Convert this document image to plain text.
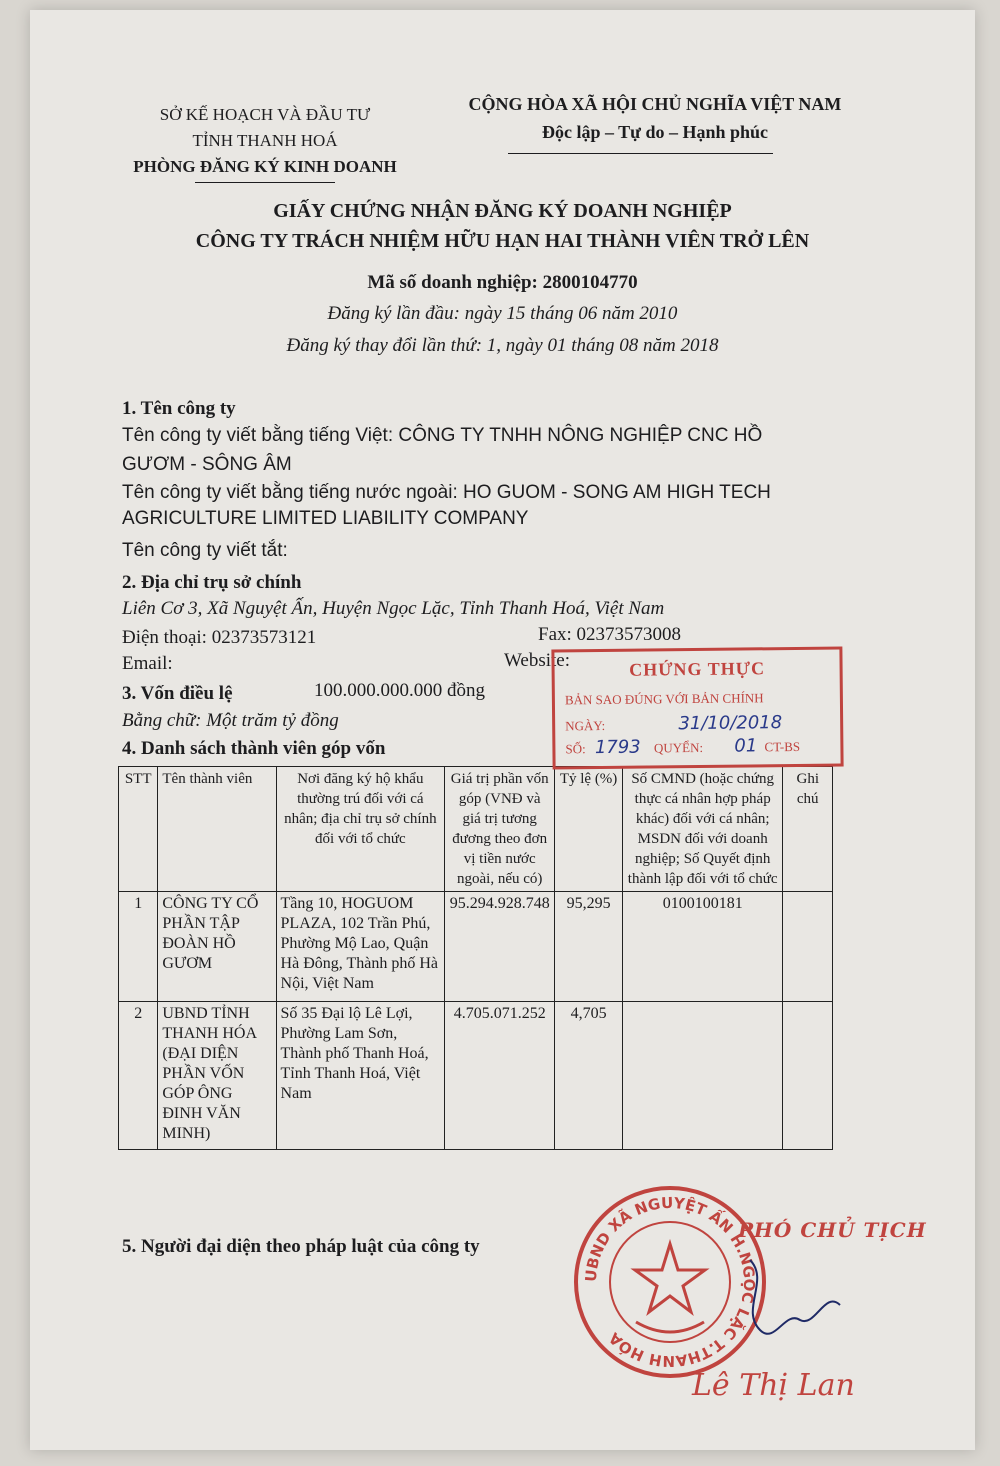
SỞ KẾ HOẠCH VÀ ĐẦU TƯ
TỈNH THANH HOÁ
PHÒNG ĐĂNG KÝ KINH DOANH
CỘNG HÒA XÃ HỘI CHỦ NGHĨA VIỆT NAM
Độc lập – Tự do – Hạnh phúc
GIẤY CHỨNG NHẬN ĐĂNG KÝ DOANH NGHIỆP
CÔNG TY TRÁCH NHIỆM HỮU HẠN HAI THÀNH VIÊN TRỞ LÊN
Mã số doanh nghiệp: 2800104770
Đăng ký lần đầu: ngày 15 tháng 06 năm 2010
Đăng ký thay đổi lần thứ: 1, ngày 01 tháng 08 năm 2018
1. Tên công ty
Tên công ty viết bằng tiếng Việt: CÔNG TY TNHH NÔNG NGHIỆP CNC HỒ
GƯƠM - SÔNG ÂM
Tên công ty viết bằng tiếng nước ngoài: HO GUOM - SONG AM HIGH TECH
AGRICULTURE LIMITED LIABILITY COMPANY
Tên công ty viết tắt:
2. Địa chỉ trụ sở chính
Liên Cơ 3, Xã Nguyệt Ấn, Huyện Ngọc Lặc, Tỉnh Thanh Hoá, Việt Nam
Điện thoại: 02373573121	Fax: 02373573008
Email:	Website:
3. Vốn điều lệ	100.000.000.000 đồng
Bằng chữ: Một trăm tỷ đồng
4. Danh sách thành viên góp vốn
STT	Tên thành viên	Nơi đăng ký hộ khẩu thường trú đối với cá nhân; địa chỉ trụ sở chính đối với tổ chức	Giá trị phần vốn góp (VNĐ và giá trị tương đương theo đơn vị tiền nước ngoài, nếu có)	Tỷ lệ (%)	Số CMND (hoặc chứng thực cá nhân hợp pháp khác) đối với cá nhân; MSDN đối với doanh nghiệp; Số Quyết định thành lập đối với tổ chức	Ghi chú
1	CÔNG TY CỔ PHẦN TẬP ĐOÀN HỒ GƯƠM	Tầng 10, HOGUOM PLAZA, 102 Trần Phú, Phường Mộ Lao, Quận Hà Đông, Thành phố Hà Nội, Việt Nam	95.294.928.748	95,295	0100100181	
2	UBND TỈNH THANH HÓA (ĐẠI DIỆN PHẦN VỐN GÓP ÔNG ĐINH VĂN MINH)	Số 35 Đại lộ Lê Lợi, Phường Lam Sơn, Thành phố Thanh Hoá, Tỉnh Thanh Hoá, Việt Nam	4.705.071.252	4,705		
CHỨNG THỰC
BẢN SAO ĐÚNG VỚI BẢN CHÍNH
NGÀY:	31/10/2018
SỐ: 1793 QUYỂN: 01 CT-BS
5. Người đại diện theo pháp luật của công ty
UBND XÃ NGUYỆT ẤN H.NGỌC LẶC T.THANH HÓA
PHÓ CHỦ TỊCH
Lê Thị Lan
